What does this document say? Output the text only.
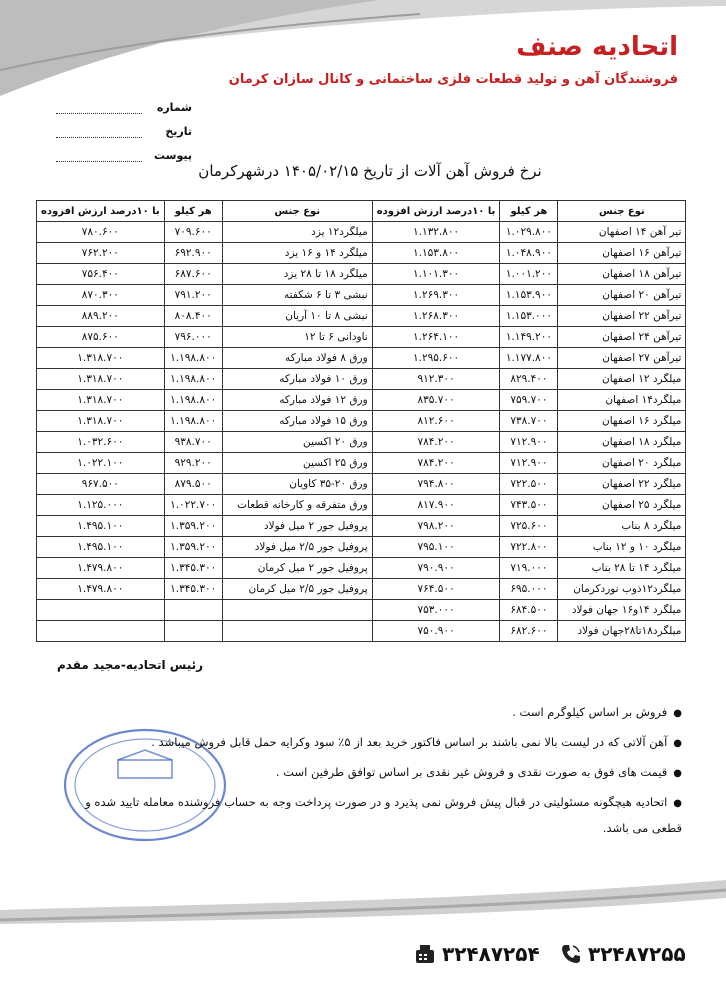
اتحادیه صنف
فروشندگان آهن و تولید قطعات فلزی ساختمانی و کانال سازان کرمان
شماره
تاریخ
پیوست
نرخ فروش آهن آلات از تاریخ ۱۴۰۵/۰۲/۱۵ درشهرکرمان
با ۱۰درصد ارزش افزوده	هر کیلو	نوع جنس	با ۱۰درصد ارزش افزوده	هر کیلو	نوع جنس
۷۸۰.۶۰۰	۷۰۹.۶۰۰	میلگرد۱۲ یزد	۱.۱۳۲.۸۰۰	۱.۰۲۹.۸۰۰	تیر آهن ۱۴ اصفهان
۷۶۲.۲۰۰	۶۹۲.۹۰۰	میلگرد ۱۴ و ۱۶ یزد	۱.۱۵۳.۸۰۰	۱.۰۴۸.۹۰۰	تیرآهن ۱۶ اصفهان
۷۵۶.۴۰۰	۶۸۷.۶۰۰	میلگرد ۱۸ تا ۲۸ یزد	۱.۱۰۱.۳۰۰	۱.۰۰۱.۲۰۰	تیرآهن ۱۸ اصفهان
۸۷۰.۳۰۰	۷۹۱.۲۰۰	نبشی ۳ تا ۶ شکفته	۱.۲۶۹.۳۰۰	۱.۱۵۳.۹۰۰	تیرآهن ۲۰ اصفهان
۸۸۹.۲۰۰	۸۰۸.۴۰۰	نبشی ۸ تا ۱۰ آریان	۱.۲۶۸.۳۰۰	۱.۱۵۳.۰۰۰	تیرآهن ۲۲ اصفهان
۸۷۵.۶۰۰	۷۹۶.۰۰۰	ناودانی ۶ تا ۱۲	۱.۲۶۴.۱۰۰	۱.۱۴۹.۲۰۰	تیرآهن ۲۴ اصفهان
۱.۳۱۸.۷۰۰	۱.۱۹۸.۸۰۰	ورق ۸ فولاد مبارکه	۱.۲۹۵.۶۰۰	۱.۱۷۷.۸۰۰	تیرآهن ۲۷ اصفهان
۱.۳۱۸.۷۰۰	۱.۱۹۸.۸۰۰	ورق ۱۰ فولاد مبارکه	۹۱۲.۳۰۰	۸۲۹.۴۰۰	میلگرد ۱۲ اصفهان
۱.۳۱۸.۷۰۰	۱.۱۹۸.۸۰۰	ورق ۱۲ فولاد مبارکه	۸۳۵.۷۰۰	۷۵۹.۷۰۰	میلگرد۱۴ اصفهان
۱.۳۱۸.۷۰۰	۱.۱۹۸.۸۰۰	ورق ۱۵ فولاد مبارکه	۸۱۲.۶۰۰	۷۳۸.۷۰۰	میلگرد ۱۶ اصفهان
۱.۰۳۲.۶۰۰	۹۳۸.۷۰۰	ورق ۲۰ اکسین	۷۸۴.۲۰۰	۷۱۲.۹۰۰	میلگرد ۱۸ اصفهان
۱.۰۲۲.۱۰۰	۹۲۹.۲۰۰	ورق ۲۵ اکسین	۷۸۴.۲۰۰	۷۱۲.۹۰۰	میلگرد ۲۰ اصفهان
۹۶۷.۵۰۰	۸۷۹.۵۰۰	ورق ۲۰-۳۵ کاویان	۷۹۴.۸۰۰	۷۲۲.۵۰۰	میلگرد ۲۲ اصفهان
۱.۱۲۵.۰۰۰	۱.۰۲۲.۷۰۰	ورق متفرقه و کارخانه قطعات	۸۱۷.۹۰۰	۷۴۳.۵۰۰	میلگرد ۲۵ اصفهان
۱.۴۹۵.۱۰۰	۱.۳۵۹.۲۰۰	پروفیل جور ۲ میل فولاد	۷۹۸.۲۰۰	۷۲۵.۶۰۰	میلگرد ۸ بناب
۱.۴۹۵.۱۰۰	۱.۳۵۹.۲۰۰	پروفیل جور ۲/۵ میل فولاد	۷۹۵.۱۰۰	۷۲۲.۸۰۰	میلگرد ۱۰ و ۱۲ بناب
۱.۴۷۹.۸۰۰	۱.۳۴۵.۳۰۰	پروفیل جور ۲ میل کرمان	۷۹۰.۹۰۰	۷۱۹.۰۰۰	میلگرد ۱۴ تا ۲۸ بناب
۱.۴۷۹.۸۰۰	۱.۳۴۵.۳۰۰	پروفیل جور ۲/۵ میل کرمان	۷۶۴.۵۰۰	۶۹۵.۰۰۰	میلگرد۱۲ذوب نوردکرمان
			۷۵۳.۰۰۰	۶۸۴.۵۰۰	میلگرد ۱۴و۱۶ جهان فولاد
			۷۵۰.۹۰۰	۶۸۲.۶۰۰	میلگرد۱۸تا۲۸جهان فولاد
رئیس اتحادیه-مجید مقدم
●فروش بر اساس کیلوگرم است .
●آهن آلاتی که در لیست بالا نمی باشند بر اساس فاکتور خرید بعد از ۵٪ سود وکرایه حمل قابل فروش میباشد .
●قیمت های فوق به صورت نقدی و فروش غیر نقدی بر اساس توافق طرفین است .
●اتحادیه هیچگونه مسئولیتی در قبال پیش فروش نمی پذیرد و در صورت پرداخت وجه به حساب فروشنده معامله تایید شده و قطعی می باشد.
۳۲۴۸۷۲۵۴ ۳۲۴۸۷۲۵۵
